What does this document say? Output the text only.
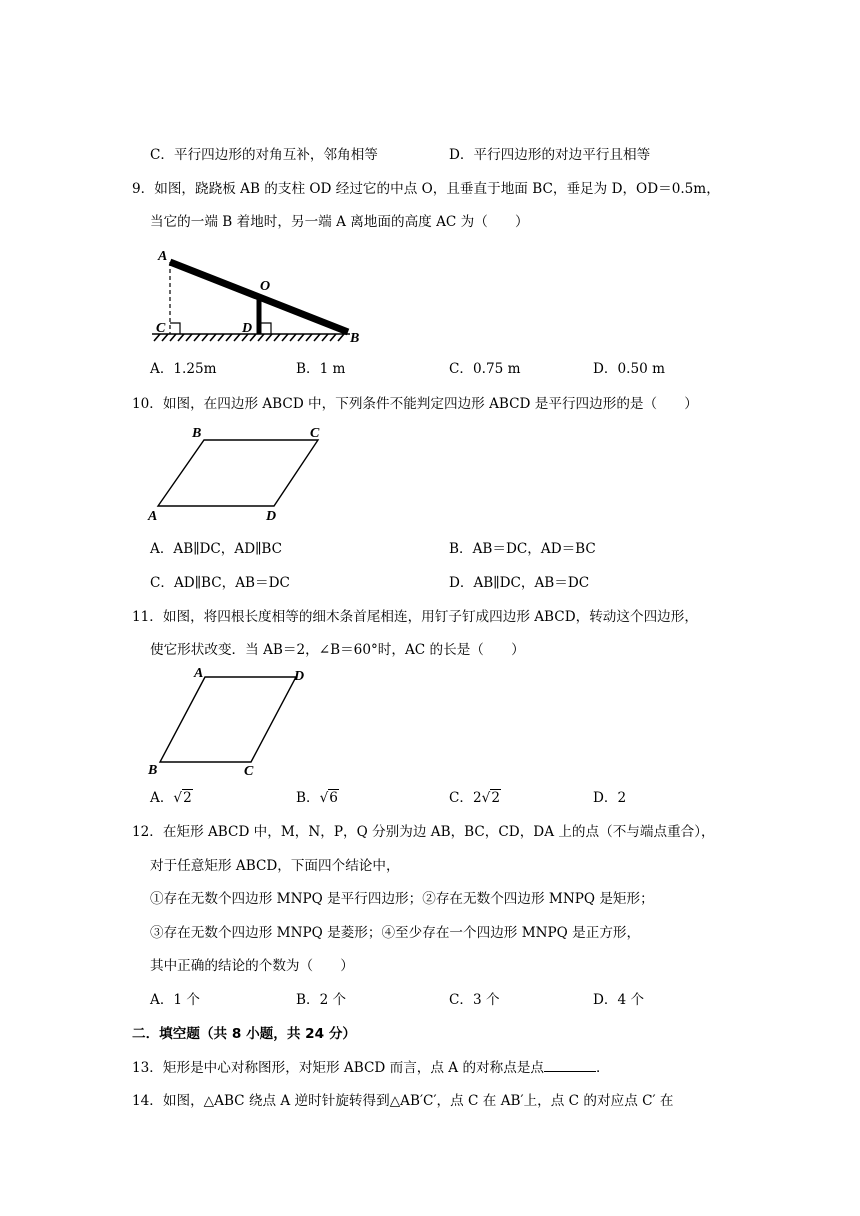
C．平行四边形的对角互补，邻角相等	D．平行四边形的对边平行且相等
9．如图，跷跷板 AB 的支柱 OD 经过它的中点 O，且垂直于地面 BC，垂足为 D，OD＝0.5m，
当它的一端 B 着地时，另一端 A 离地面的高度 AC 为（　　）
A
O
C	D
B
A．1.25m	B．1 m	C．0.75 m	D．0.50 m
10．如图，在四边形 ABCD 中，下列条件不能判定四边形 ABCD 是平行四边形的是（　　）
B	C
A	D
A．AB∥DC，AD∥BC	B．AB＝DC，AD＝BC
C．AD∥BC，AB＝DC	D．AB∥DC，AB＝DC
11．如图，将四根长度相等的细木条首尾相连，用钉子钉成四边形 ABCD，转动这个四边形，
使它形状改变．当 AB＝2，∠B＝60°时，AC 的长是（　　）
A	D
B	C
A．√2	B．√6	C．2√2	D．2
12．在矩形 ABCD 中，M，N，P，Q 分别为边 AB，BC，CD，DA 上的点（不与端点重合），
对于任意矩形 ABCD，下面四个结论中，
①存在无数个四边形 MNPQ 是平行四边形；②存在无数个四边形 MNPQ 是矩形；
③存在无数个四边形 MNPQ 是菱形；④至少存在一个四边形 MNPQ 是正方形，
其中正确的结论的个数为（　　）
A．1 个	B．2 个	C．3 个	D．4 个
二．填空题（共 8 小题，共 24 分）
13．矩形是中心对称图形，对矩形 ABCD 而言，点 A 的对称点是点	．
14．如图，△ABC 绕点 A 逆时针旋转得到△AB′C′，点 C 在 AB′上，点 C 的对应点 C′ 在
